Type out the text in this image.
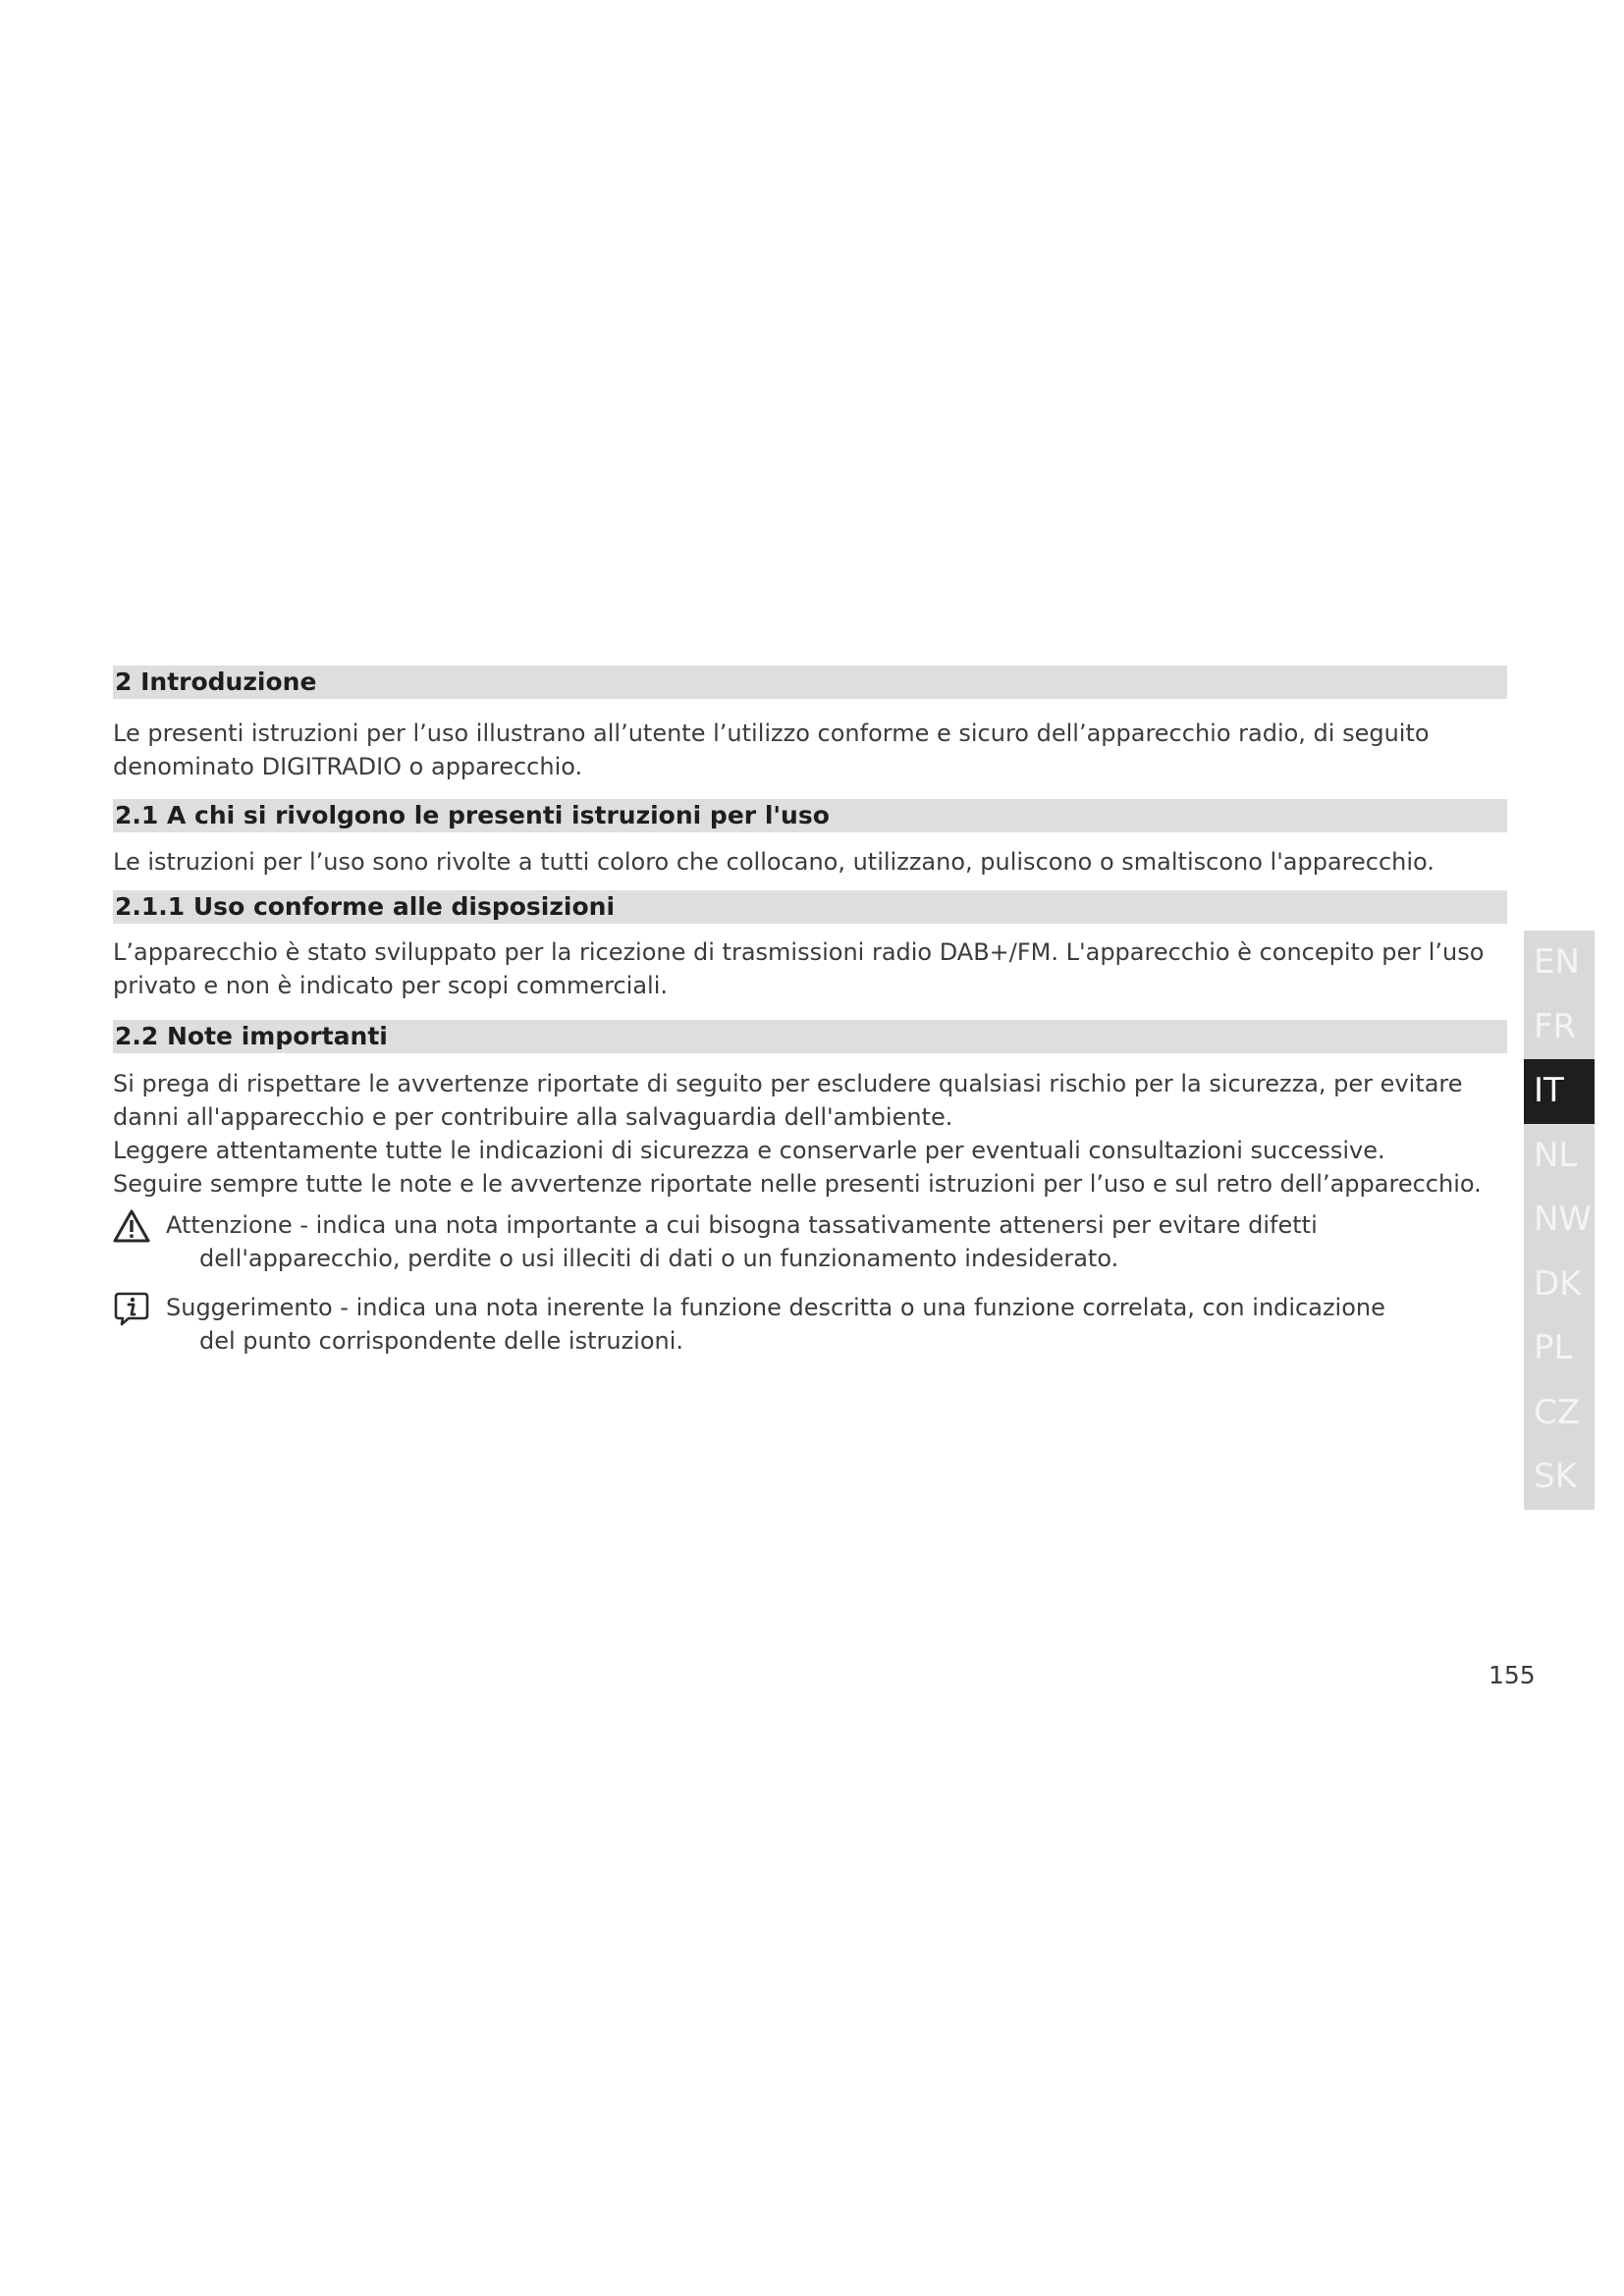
2 Introduzione

Le presenti istruzioni per l’uso illustrano all’utente l’utilizzo conforme e sicuro dell’apparecchio radio, di seguito denominato DIGITRADIO o apparecchio.

2.1 A chi si rivolgono le presenti istruzioni per l'uso

Le istruzioni per l’uso sono rivolte a tutti coloro che collocano, utilizzano, puliscono o smaltiscono l'apparecchio.

2.1.1 Uso conforme alle disposizioni

L’apparecchio è stato sviluppato per la ricezione di trasmissioni radio DAB+/FM. L'apparecchio è concepito per l’uso privato e non è indicato per scopi commerciali.

2.2 Note importanti

Si prega di rispettare le avvertenze riportate di seguito per escludere qualsiasi rischio per la sicurezza, per evitare danni all'apparecchio e per contribuire alla salvaguardia dell'ambiente.

Leggere attentamente tutte le indicazioni di sicurezza e conservarle per eventuali consultazioni successive.

Seguire sempre tutte le note e le avvertenze riportate nelle presenti istruzioni per l’uso e sul retro dell’apparecchio.

Attenzione - indica una nota importante a cui bisogna tassativamente attenersi per evitare difetti
dell'apparecchio, perdite o usi illeciti di dati o un funzionamento indesiderato.
Suggerimento - indica una nota inerente la funzione descritta o una funzione correlata, con indicazione
del punto corrispondente delle istruzioni.
EN
FR
IT
NL
NW
DK
PL
CZ
SK
155
